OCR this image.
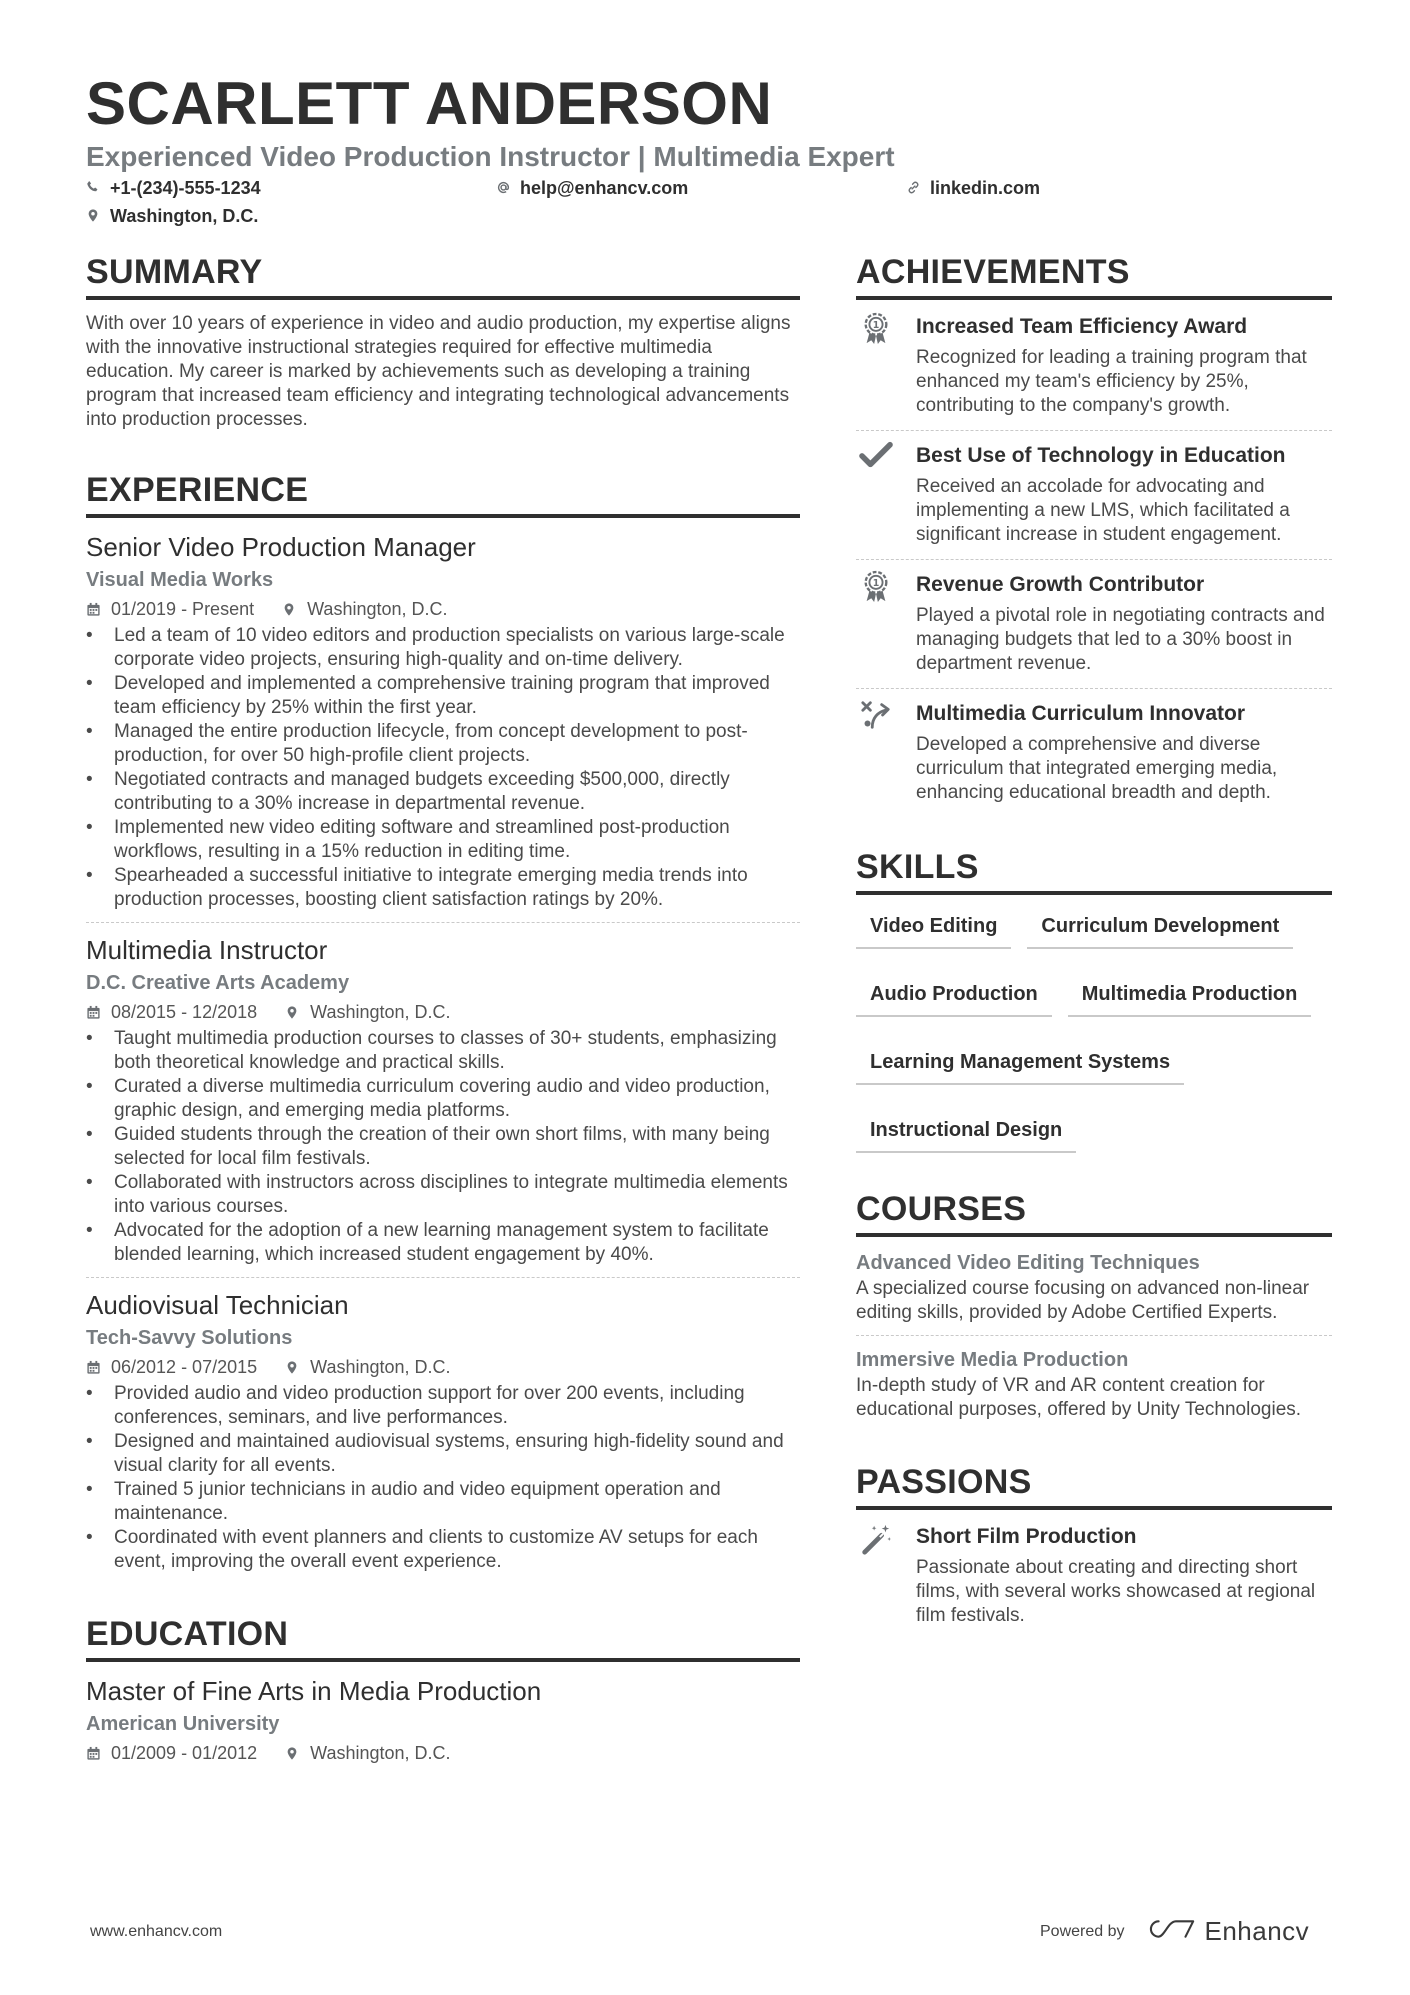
SCARLETT ANDERSON
Experienced Video Production Instructor | Multimedia Expert
+1-(234)-555-1234	help@enhancv.com	linkedin.com
Washington, D.C.
SUMMARY
With over 10 years of experience in video and audio production, my expertise aligns with the innovative instructional strategies required for effective multimedia education. My career is marked by achievements such as developing a training program that increased team efficiency and integrating technological advancements into production processes.
EXPERIENCE
Senior Video Production Manager
Visual Media Works
01/2019 - Present	Washington, D.C.
• Led a team of 10 video editors and production specialists on various large-scale corporate video projects, ensuring high-quality and on-time delivery.
• Developed and implemented a comprehensive training program that improved team efficiency by 25% within the first year.
• Managed the entire production lifecycle, from concept development to post-production, for over 50 high-profile client projects.
• Negotiated contracts and managed budgets exceeding $500,000, directly contributing to a 30% increase in departmental revenue.
• Implemented new video editing software and streamlined post-production workflows, resulting in a 15% reduction in editing time.
• Spearheaded a successful initiative to integrate emerging media trends into production processes, boosting client satisfaction ratings by 20%.
Multimedia Instructor
D.C. Creative Arts Academy
08/2015 - 12/2018	Washington, D.C.
• Taught multimedia production courses to classes of 30+ students, emphasizing both theoretical knowledge and practical skills.
• Curated a diverse multimedia curriculum covering audio and video production, graphic design, and emerging media platforms.
• Guided students through the creation of their own short films, with many being selected for local film festivals.
• Collaborated with instructors across disciplines to integrate multimedia elements into various courses.
• Advocated for the adoption of a new learning management system to facilitate blended learning, which increased student engagement by 40%.
Audiovisual Technician
Tech-Savvy Solutions
06/2012 - 07/2015	Washington, D.C.
• Provided audio and video production support for over 200 events, including conferences, seminars, and live performances.
• Designed and maintained audiovisual systems, ensuring high-fidelity sound and visual clarity for all events.
• Trained 5 junior technicians in audio and video equipment operation and maintenance.
• Coordinated with event planners and clients to customize AV setups for each event, improving the overall event experience.
EDUCATION
Master of Fine Arts in Media Production
American University
01/2009 - 01/2012	Washington, D.C.
ACHIEVEMENTS
1 Increased Team Efficiency Award
Recognized for leading a training program that enhanced my team's efficiency by 25%, contributing to the company's growth.
Best Use of Technology in Education
Received an accolade for advocating and implementing a new LMS, which facilitated a significant increase in student engagement.
1 Revenue Growth Contributor
Played a pivotal role in negotiating contracts and managing budgets that led to a 30% boost in department revenue.
Multimedia Curriculum Innovator
Developed a comprehensive and diverse curriculum that integrated emerging media, enhancing educational breadth and depth.
SKILLS
Video Editing	Curriculum Development
Audio Production	Multimedia Production
Learning Management Systems
Instructional Design
COURSES
Advanced Video Editing Techniques
A specialized course focusing on advanced non-linear editing skills, provided by Adobe Certified Experts.
Immersive Media Production
In-depth study of VR and AR content creation for educational purposes, offered by Unity Technologies.
PASSIONS
Short Film Production
Passionate about creating and directing short films, with several works showcased at regional film festivals.
www.enhancv.com	Powered by	Enhancv
